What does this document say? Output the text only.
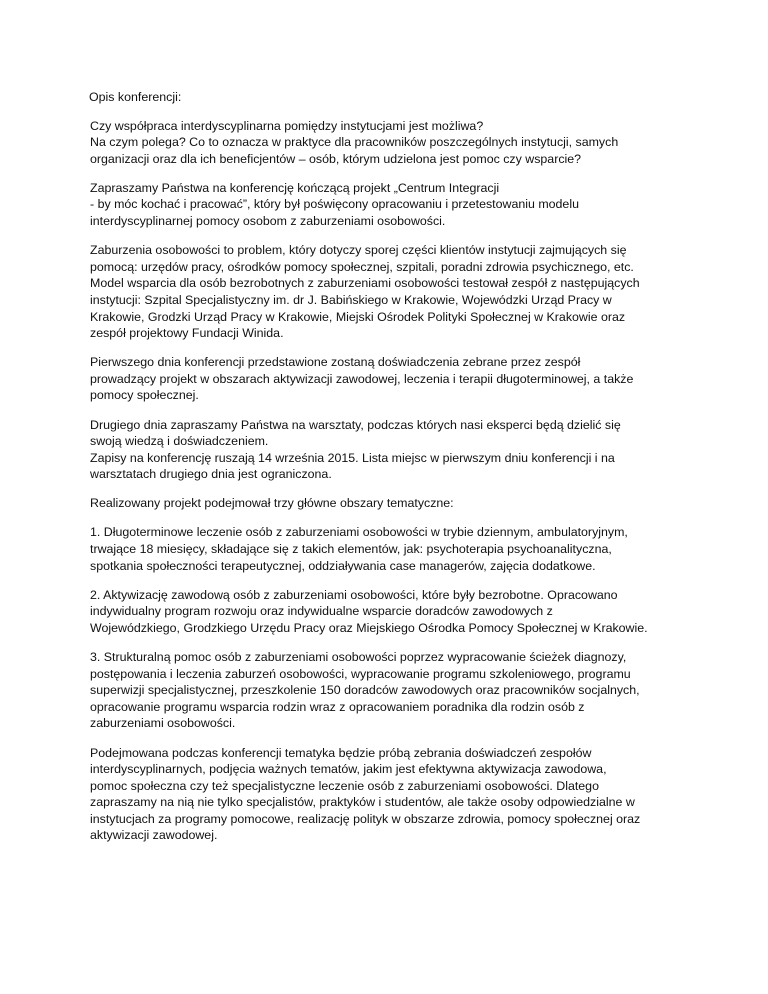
Opis konferencji:
Czy współpraca interdyscyplinarna pomiędzy instytucjami jest możliwa?
Na czym polega? Co to oznacza w praktyce dla pracowników poszczególnych instytucji, samych
organizacji oraz dla ich beneficjentów – osób, którym udzielona jest pomoc czy wsparcie?
Zapraszamy Państwa na konferencję kończącą projekt „Centrum Integracji
- by móc kochać i pracować”, który był poświęcony opracowaniu i przetestowaniu modelu
interdyscyplinarnej pomocy osobom z zaburzeniami osobowości.
Zaburzenia osobowości to problem, który dotyczy sporej części klientów instytucji zajmujących się
pomocą: urzędów pracy, ośrodków pomocy społecznej, szpitali, poradni zdrowia psychicznego, etc.
Model wsparcia dla osób bezrobotnych z zaburzeniami osobowości testował zespół z następujących
instytucji: Szpital Specjalistyczny im. dr J. Babińskiego w Krakowie, Wojewódzki Urząd Pracy w
Krakowie, Grodzki Urząd Pracy w Krakowie, Miejski Ośrodek Polityki Społecznej w Krakowie oraz
zespół projektowy Fundacji Winida.
Pierwszego dnia konferencji przedstawione zostaną doświadczenia zebrane przez zespół
prowadzący projekt w obszarach aktywizacji zawodowej, leczenia i terapii długoterminowej, a także
pomocy społecznej.
Drugiego dnia zapraszamy Państwa na warsztaty, podczas których nasi eksperci będą dzielić się
swoją wiedzą i doświadczeniem.
Zapisy na konferencję ruszają 14 września 2015. Lista miejsc w pierwszym dniu konferencji i na
warsztatach drugiego dnia jest ograniczona.
Realizowany projekt podejmował trzy główne obszary tematyczne:
1. Długoterminowe leczenie osób z zaburzeniami osobowości w trybie dziennym, ambulatoryjnym,
trwające 18 miesięcy, składające się z takich elementów, jak: psychoterapia psychoanalityczna,
spotkania społeczności terapeutycznej, oddziaływania case managerów, zajęcia dodatkowe.
2. Aktywizację zawodową osób z zaburzeniami osobowości, które były bezrobotne. Opracowano
indywidualny program rozwoju oraz indywidualne wsparcie doradców zawodowych z
Wojewódzkiego, Grodzkiego Urzędu Pracy oraz Miejskiego Ośrodka Pomocy Społecznej w Krakowie.
3. Strukturalną pomoc osób z zaburzeniami osobowości poprzez wypracowanie ścieżek diagnozy,
postępowania i leczenia zaburzeń osobowości, wypracowanie programu szkoleniowego, programu
superwizji specjalistycznej, przeszkolenie 150 doradców zawodowych oraz pracowników socjalnych,
opracowanie programu wsparcia rodzin wraz z opracowaniem poradnika dla rodzin osób z
zaburzeniami osobowości.
Podejmowana podczas konferencji tematyka będzie próbą zebrania doświadczeń zespołów
interdyscyplinarnych, podjęcia ważnych tematów, jakim jest efektywna aktywizacja zawodowa,
pomoc społeczna czy też specjalistyczne leczenie osób z zaburzeniami osobowości. Dlatego
zapraszamy na nią nie tylko specjalistów, praktyków i studentów, ale także osoby odpowiedzialne w
instytucjach za programy pomocowe, realizację polityk w obszarze zdrowia, pomocy społecznej oraz
aktywizacji zawodowej.
